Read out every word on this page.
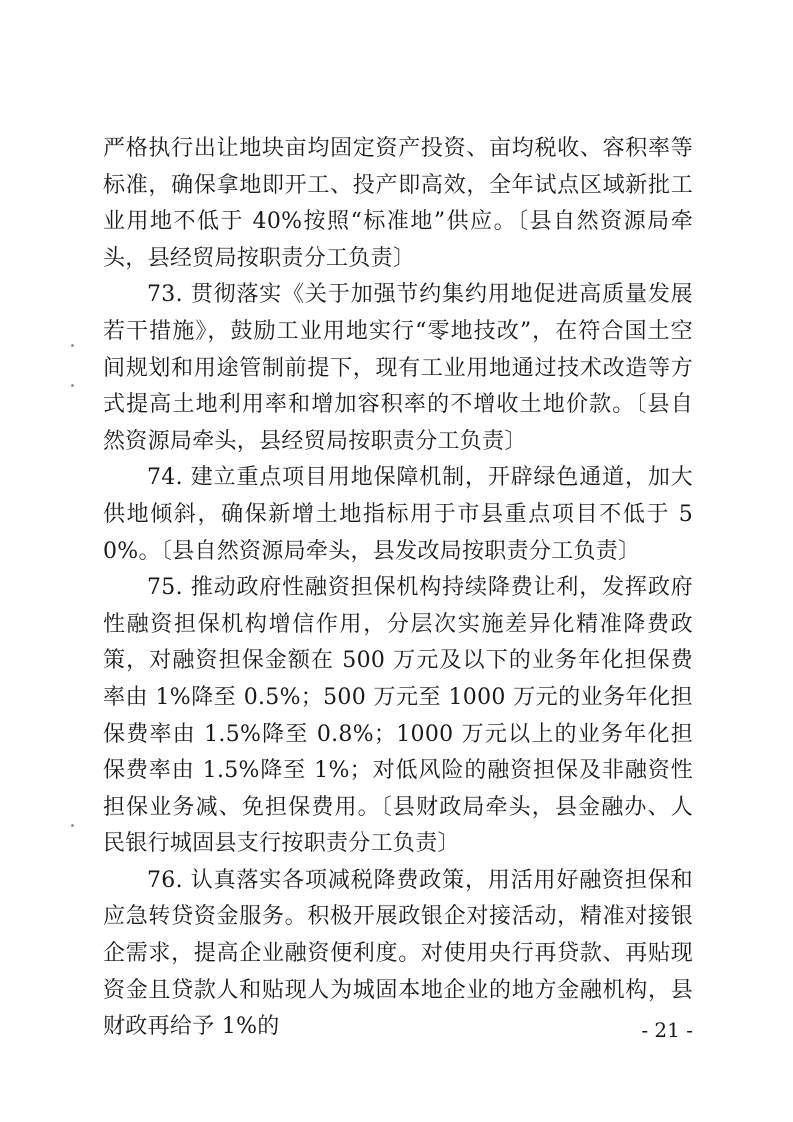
严格执行出让地块亩均固定资产投资、亩均税收、容积率等标准，确保拿地即开工、投产即高效，全年试点区域新批工业用地不低于 40%按照“标准地”供应。〔县自然资源局牵头，县经贸局按职责分工负责〕

73. 贯彻落实《关于加强节约集约用地促进高质量发展若干措施》，鼓励工业用地实行“零地技改”，在符合国土空间规划和用途管制前提下，现有工业用地通过技术改造等方式提高土地利用率和增加容积率的不增收土地价款。〔县自然资源局牵头，县经贸局按职责分工负责〕

74. 建立重点项目用地保障机制，开辟绿色通道，加大供地倾斜，确保新增土地指标用于市县重点项目不低于 50%。〔县自然资源局牵头，县发改局按职责分工负责〕

75. 推动政府性融资担保机构持续降费让利，发挥政府性融资担保机构增信作用，分层次实施差异化精准降费政策，对融资担保金额在 500 万元及以下的业务年化担保费率由 1%降至 0.5%；500 万元至 1000 万元的业务年化担保费率由 1.5%降至 0.8%；1000 万元以上的业务年化担保费率由 1.5%降至 1%；对低风险的融资担保及非融资性担保业务减、免担保费用。〔县财政局牵头，县金融办、人民银行城固县支行按职责分工负责〕

76. 认真落实各项减税降费政策，用活用好融资担保和应急转贷资金服务。积极开展政银企对接活动，精准对接银企需求，提高企业融资便利度。对使用央行再贷款、再贴现资金且贷款人和贴现人为城固本地企业的地方金融机构，县财政再给予 1%的	- 21 -
